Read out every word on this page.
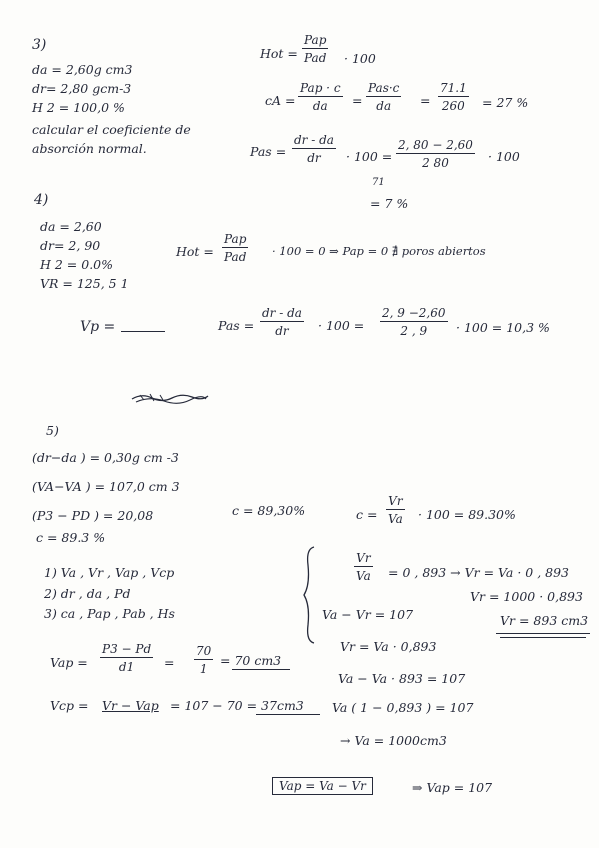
3)
da = 2,60g cm3
dr= 2,80 gcm-3
H 2 = 100,0 %
calcular el coeficiente de
absorción normal.
Hot =
Pap
Pad · 100
cA =
Pap · c
da	=
Pas·c
da	= $\frac{71.1}{260} = 27$ %
Pas = $\frac{dr - da}{dr} \cdot 100 = \frac{2, 80 - 2,60}{2 80}$
71
· 100
= 7 %
4)
da = 2,60
dr= 2, 90
H 2 = 0.0%
VR = 125, 5 1
Hot =
Pap
Pad · 100 = 0 ⇒ Pap = 0 ∄ poros abiertos
Vp =	Pas = $\frac{dr - da}{dr} \cdot 100 = \frac{2, 9 -2,60}{2 , 9} \cdot 100 = 10,3$ %
5)
(dr−da ) = 0,30g cm -3
(VA−VA ) = 107,0 cm 3
(P3 − PD ) = 20,08
c = 89.3 %
c = 89,30%	$c = \frac{Vr}{Va} \cdot 100 = 89.30\%$
1) Va , Vr , Vap , Vcp
2) dr , da , Pd
3) ca , Pap , Pab , Hs
$\frac{Vr}{Va} = 0$ , 893 → Vr = Va · 0 , 893
Vr = 1000 · 0,893
Vr = 893 cm3
Va − Vr = 107
Vr = Va · 0,893
Va − Va · 893 = 107
Va ( 1 − 0,893 ) = 107
→ Va = 1000cm3
Vap = $\frac{P3 - Pd}{d1} = \frac{70}{1} = 70$ cm3
Vcp = Vr − Vap = 107 − 70 = 37cm3
Vap = Va − Vr	⇒ Vap = 107
